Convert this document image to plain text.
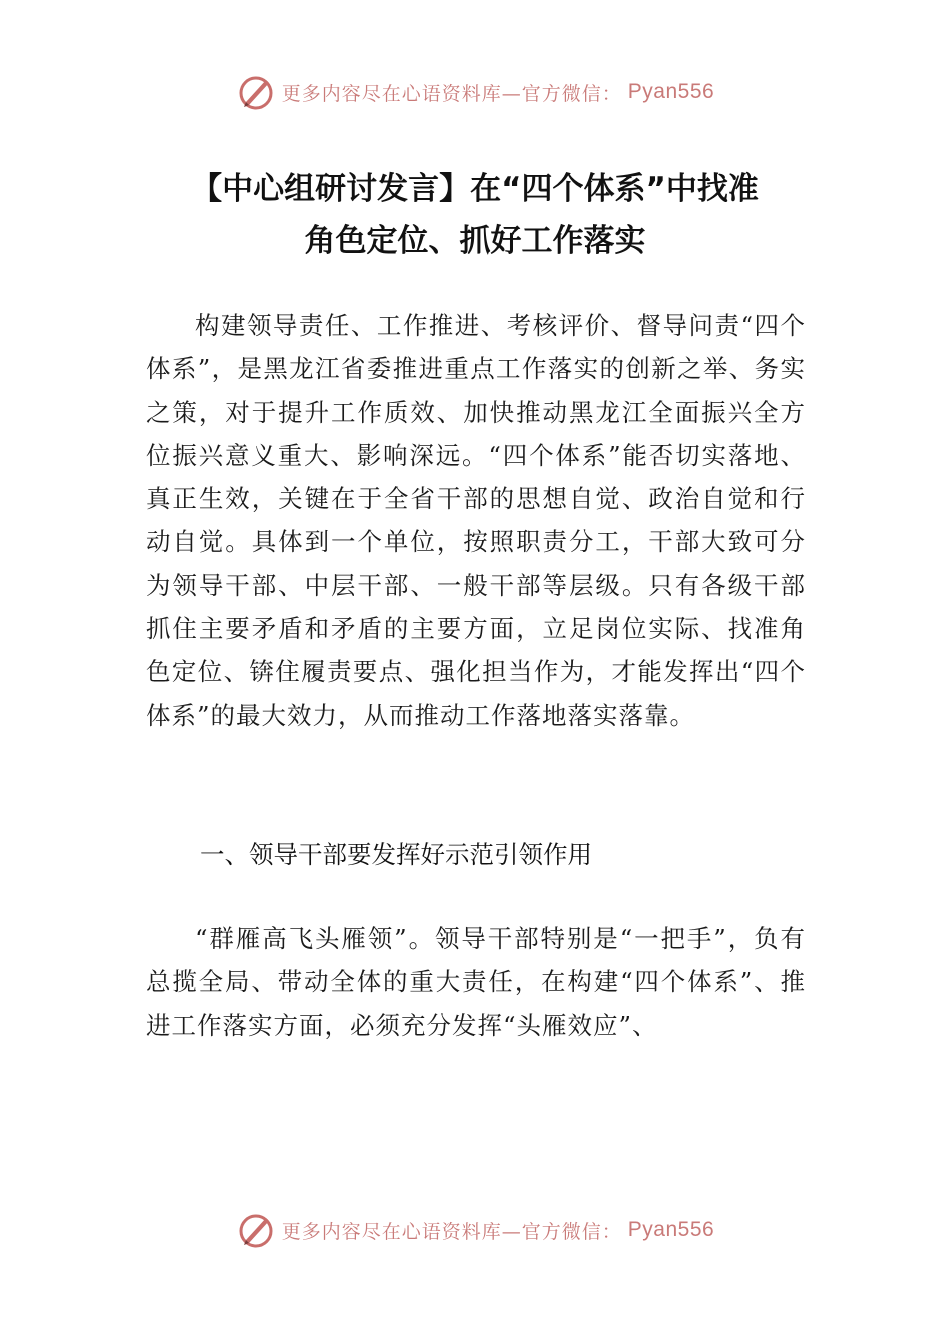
更多内容尽在心语资料库—官方微信： Pyan556
【中心组研讨发言】在“四个体系”中找准
角色定位、抓好工作落实
构建领导责任、工作推进、考核评价、督导问责“四个体系”，是黑龙江省委推进重点工作落实的创新之举、务实之策，对于提升工作质效、加快推动黑龙江全面振兴全方位振兴意义重大、影响深远。“四个体系”能否切实落地、真正生效，关键在于全省干部的思想自觉、政治自觉和行动自觉。具体到一个单位，按照职责分工，干部大致可分为领导干部、中层干部、一般干部等层级。只有各级干部抓住主要矛盾和矛盾的主要方面，立足岗位实际、找准角色定位、锛住履责要点、强化担当作为，才能发挥出“四个体系”的最大效力，从而推动工作落地落实落靠。
一、领导干部要发挥好示范引领作用
“群雁高飞头雁领”。领导干部特别是“一把手”，负有总揽全局、带动全体的重大责任，在构建“四个体系”、推进工作落实方面，必须充分发挥“头雁效应”、
更多内容尽在心语资料库—官方微信： Pyan556
